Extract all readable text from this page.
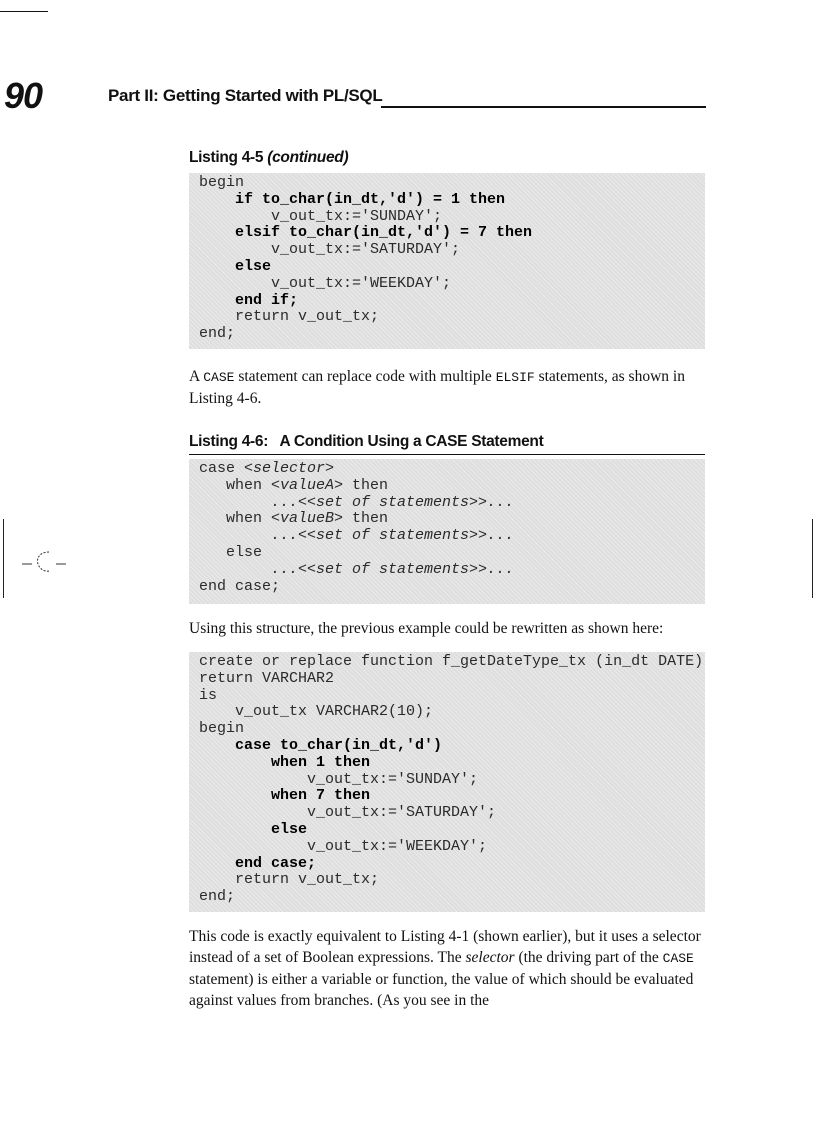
90	Part II: Getting Started with PL/SQL
Listing 4-5 (continued)
begin
if to_char(in_dt,'d') = 1 then
v_out_tx:='SUNDAY';
elsif to_char(in_dt,'d') = 7 then
v_out_tx:='SATURDAY';
else
v_out_tx:='WEEKDAY';
end if;
return v_out_tx;
end;
A CASE statement can replace code with multiple ELSIF statements, as shown in Listing 4-6.
Listing 4-6:   A Condition Using a CASE Statement
case <selector>
when <valueA> then
...<<set of statements>>...
when <valueB> then
...<<set of statements>>...
else
...<<set of statements>>...
end case;
Using this structure, the previous example could be rewritten as shown here:
create or replace function f_getDateType_tx (in_dt DATE)
return VARCHAR2
is
v_out_tx VARCHAR2(10);
begin
case to_char(in_dt,'d')
when 1 then
v_out_tx:='SUNDAY';
when 7 then
v_out_tx:='SATURDAY';
else
v_out_tx:='WEEKDAY';
end case;
return v_out_tx;
end;
This code is exactly equivalent to Listing 4-1 (shown earlier), but it uses a selector instead of a set of Boolean expressions. The selector (the driving part of the CASE statement) is either a variable or function, the value of which should be evaluated against values from branches. (As you see in the
